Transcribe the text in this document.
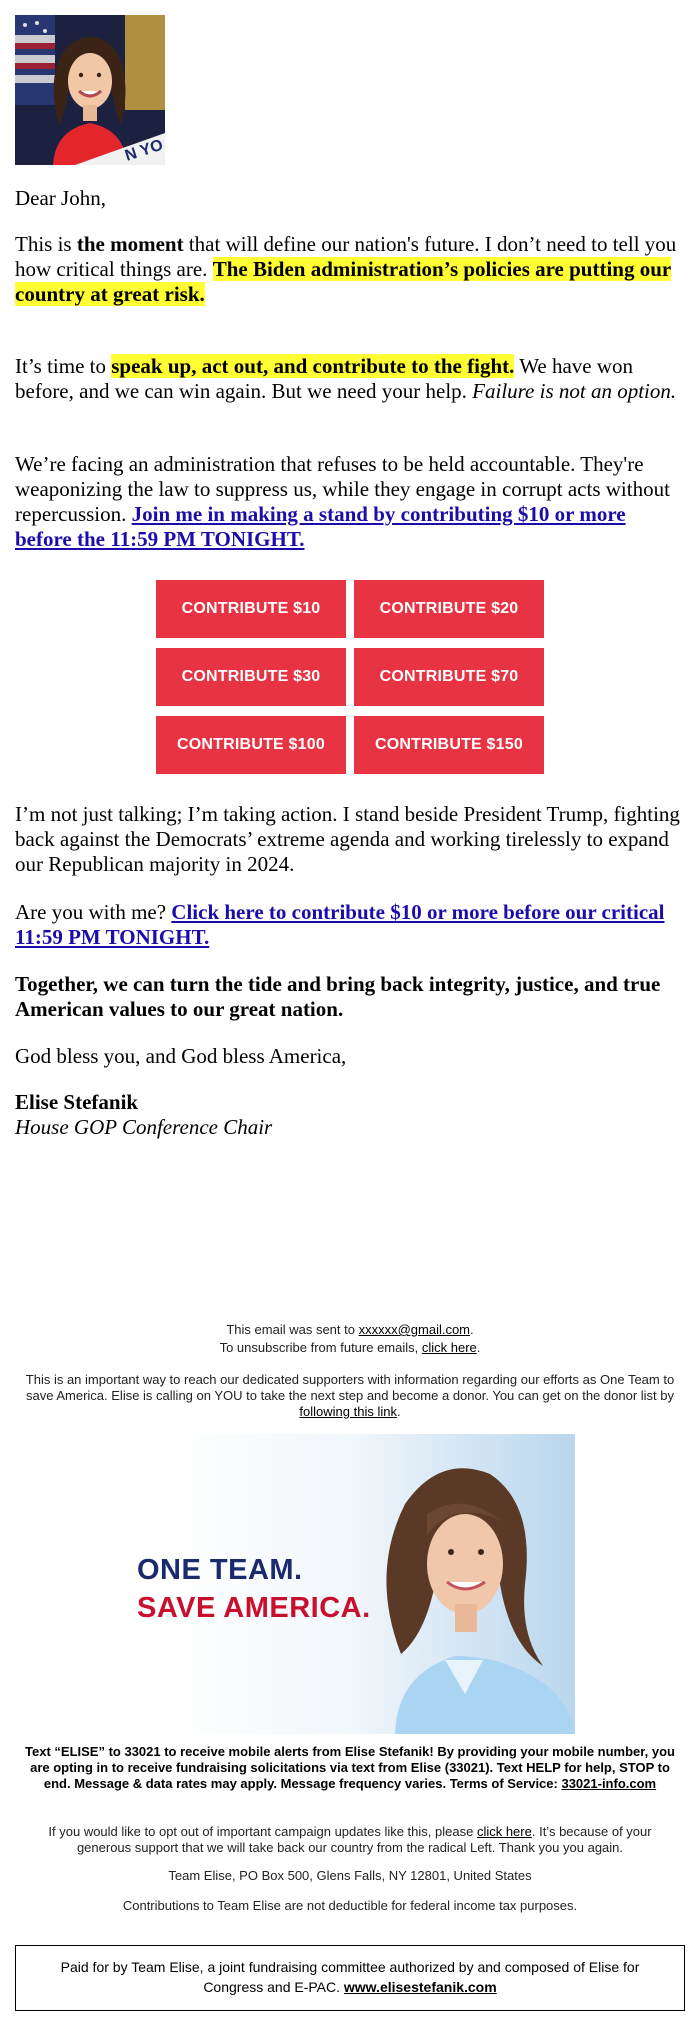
N YO
Dear John,

This is the moment that will define our nation's future. I don’t need to tell you how critical things are. The Biden administration’s policies are putting our country at great risk.

It’s time to speak up, act out, and contribute to the fight. We have won before, and we can win again. But we need your help. Failure is not an option.

We’re facing an administration that refuses to be held accountable. They're weaponizing the law to suppress us, while they engage in corrupt acts without repercussion. Join me in making a stand by contributing $10 or more before the 11:59 PM TONIGHT.

CONTRIBUTE $10	CONTRIBUTE $20
CONTRIBUTE $30	CONTRIBUTE $70
CONTRIBUTE $100	CONTRIBUTE $150
I’m not just talking; I’m taking action. I stand beside President Trump, fighting back against the Democrats’ extreme agenda and working tirelessly to expand our Republican majority in 2024.

Are you with me? Click here to contribute $10 or more before our critical 11:59 PM TONIGHT.

Together, we can turn the tide and bring back integrity, justice, and true American values to our great nation.
God bless you, and God bless America,
Elise Stefanik
House GOP Conference Chair
This email was sent to xxxxxx@gmail.com.
To unsubscribe from future emails, click here.
This is an important way to reach our dedicated supporters with information regarding our efforts as One Team to save America. Elise is calling on YOU to take the next step and become a donor. You can get on the donor list by following this link.
ONE TEAM.
SAVE AMERICA.
Text “ELISE” to 33021 to receive mobile alerts from Elise Stefanik! By providing your mobile number, you are opting in to receive fundraising solicitations via text from Elise (33021). Text HELP for help, STOP to end. Message & data rates may apply. Message frequency varies. Terms of Service: 33021-info.com
If you would like to opt out of important campaign updates like this, please click here. It’s because of your generous support that we will take back our country from the radical Left. Thank you you again.
Team Elise, PO Box 500, Glens Falls, NY 12801, United States
Contributions to Team Elise are not deductible for federal income tax purposes.
Paid for by Team Elise, a joint fundraising committee authorized by and composed of Elise for Congress and E-PAC. www.elisestefanik.com
